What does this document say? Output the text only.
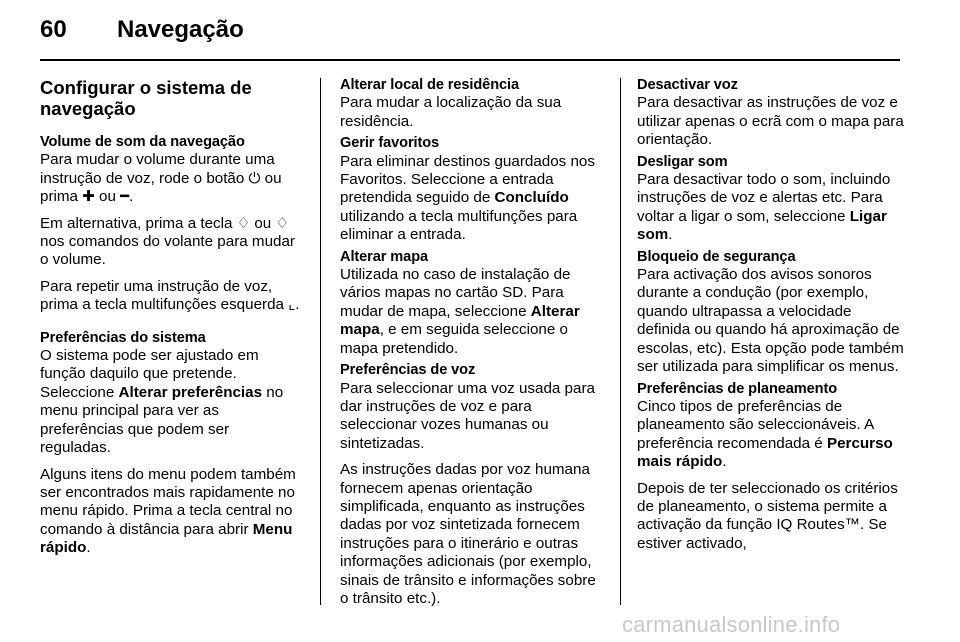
60 Navegação
Configurar o sistema de navegação
Volume de som da navegação

Para mudar o volume durante uma instrução de voz, rode o botão ⏻ ou prima ✚ ou ━.

Em alternativa, prima a tecla ♢ ou ♢ nos comandos do volante para mudar o volume.

Para repetir uma instrução de voz, prima a tecla multifunções esquerda ⌞.

Preferências do sistema

O sistema pode ser ajustado em função daquilo que pretende. Seleccione Alterar preferências no menu principal para ver as preferências que podem ser reguladas.

Alguns itens do menu podem também ser encontrados mais rapidamente no menu rápido. Prima a tecla central no comando à distância para abrir Menu rápido.

Alterar local de residência

Para mudar a localização da sua residência.

Gerir favoritos

Para eliminar destinos guardados nos Favoritos. Seleccione a entrada pretendida seguido de Concluído utilizando a tecla multifunções para eliminar a entrada.

Alterar mapa

Utilizada no caso de instalação de vários mapas no cartão SD. Para mudar de mapa, seleccione Alterar mapa, e em seguida seleccione o mapa pretendido.

Preferências de voz

Para seleccionar uma voz usada para dar instruções de voz e para seleccionar vozes humanas ou sintetizadas.

As instruções dadas por voz humana fornecem apenas orientação simplificada, enquanto as instruções dadas por voz sintetizada fornecem instruções para o itinerário e outras informações adicionais (por exemplo, sinais de trânsito e informações sobre o trânsito etc.).

Desactivar voz

Para desactivar as instruções de voz e utilizar apenas o ecrã com o mapa para orientação.

Desligar som

Para desactivar todo o som, incluindo instruções de voz e alertas etc. Para voltar a ligar o som, seleccione Ligar som.

Bloqueio de segurança

Para activação dos avisos sonoros durante a condução (por exemplo, quando ultrapassa a velocidade definida ou quando há aproximação de escolas, etc). Esta opção pode também ser utilizada para simplificar os menus.

Preferências de planeamento

Cinco tipos de preferências de planeamento são seleccionáveis. A preferência recomendada é Percurso mais rápido.

Depois de ter seleccionado os critérios de planeamento, o sistema permite a activação da função IQ Routes™. Se estiver activado,

carmanualsonline.info
